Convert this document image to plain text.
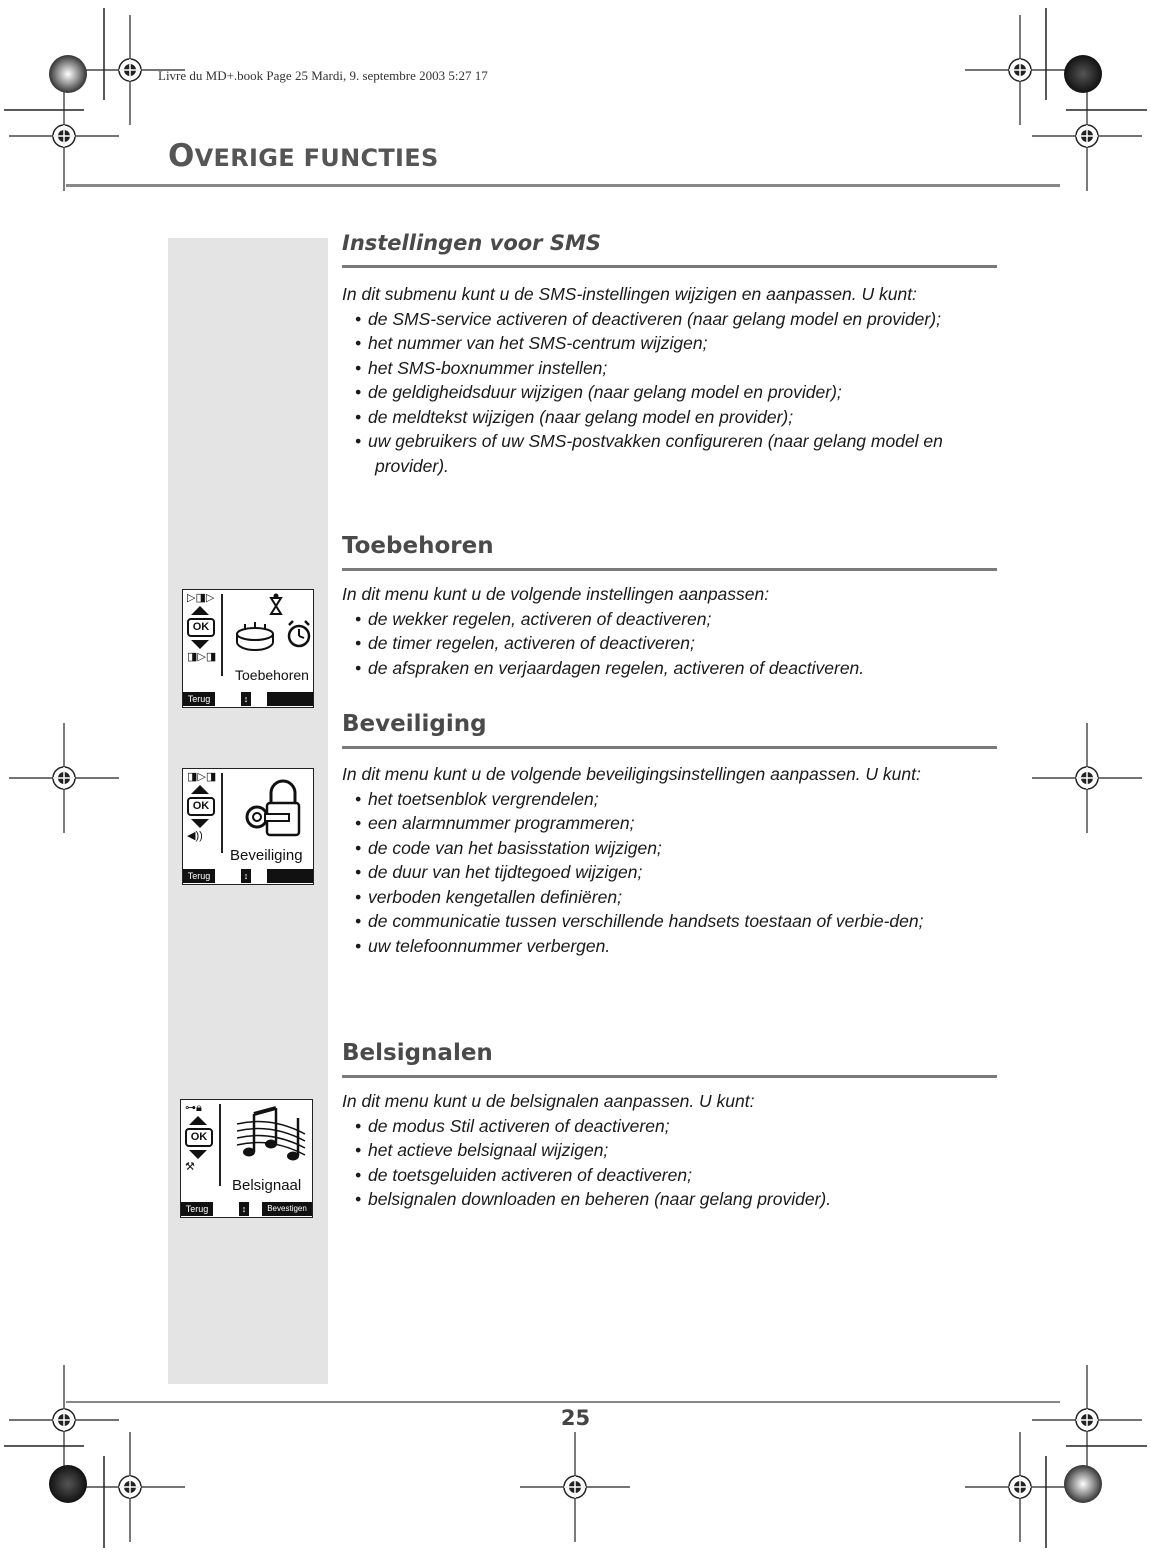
Livre du MD+.book Page 25 Mardi, 9. septembre 2003 5:27 17
OVERIGE FUNCTIES
Instellingen voor SMS

In dit submenu kunt u de SMS-instellingen wijzigen en aanpassen. U kunt:

• de SMS-service activeren of deactiveren (naar gelang model en provider);
• het nummer van het SMS-centrum wijzigen;
• het SMS-boxnummer instellen;
• de geldigheidsduur wijzigen (naar gelang model en provider);
• de meldtekst wijzigen (naar gelang model en provider);
• uw gebruikers of uw SMS-postvakken configureren (naar gelang model en provider).
Toebehoren

In dit menu kunt u de volgende instellingen aanpassen:

• de wekker regelen, activeren of deactiveren;
• de timer regelen, activeren of deactiveren;
• de afspraken en verjaardagen regelen, activeren of deactiveren.
Beveiliging

In dit menu kunt u de volgende beveiligingsinstellingen aanpassen. U kunt:

• het toetsenblok vergrendelen;
• een alarmnummer programmeren;
• de code van het basisstation wijzigen;
• de duur van het tijdtegoed wijzigen;
• verboden kengetallen definiëren;
• de communicatie tussen verschillende handsets toestaan of verbie-den;
• uw telefoonnummer verbergen.
Belsignalen

In dit menu kunt u de belsignalen aanpassen. U kunt:

• de modus Stil activeren of deactiveren;
• het actieve belsignaal wijzigen;
• de toetsgeluiden activeren of deactiveren;
• belsignalen downloaden en beheren (naar gelang provider).
▷◨▷
OK
◨▷◨
Toebehoren
Terug	↕
◨▷◨
OK
◀))
Beveiliging
Terug	↕
⊶🔒︎
OK
⚒
Belsignaal
Terug	↕	Bevestigen
25
